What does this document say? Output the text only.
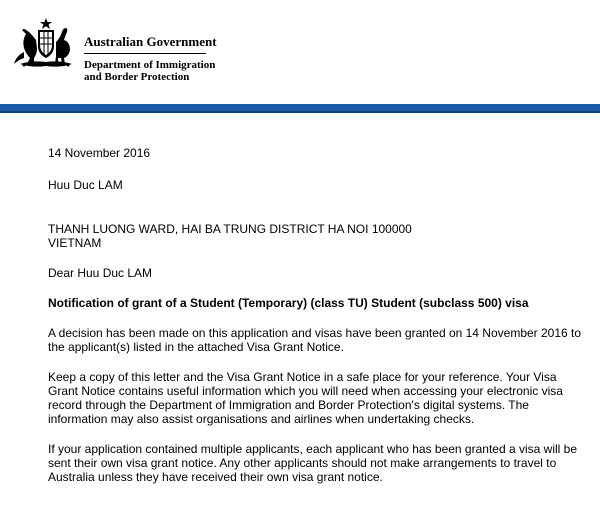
Australian Government
Department of Immigration
and Border Protection

14 November 2016

Huu Duc LAM

THANH LUONG WARD, HAI BA TRUNG DISTRICT HA NOI 100000

VIETNAM

Dear Huu Duc LAM

Notification of grant of a Student (Temporary) (class TU) Student (subclass 500) visa

A decision has been made on this application and visas have been granted on 14 November 2016 to the applicant(s) listed in the attached Visa Grant Notice.

Keep a copy of this letter and the Visa Grant Notice in a safe place for your reference. Your Visa Grant Notice contains useful information which you will need when accessing your electronic visa record through the Department of Immigration and Border Protection's digital systems. The information may also assist organisations and airlines when undertaking checks.

If your application contained multiple applicants, each applicant who has been granted a visa will be sent their own visa grant notice. Any other applicants should not make arrangements to travel to Australia unless they have received their own visa grant notice.
